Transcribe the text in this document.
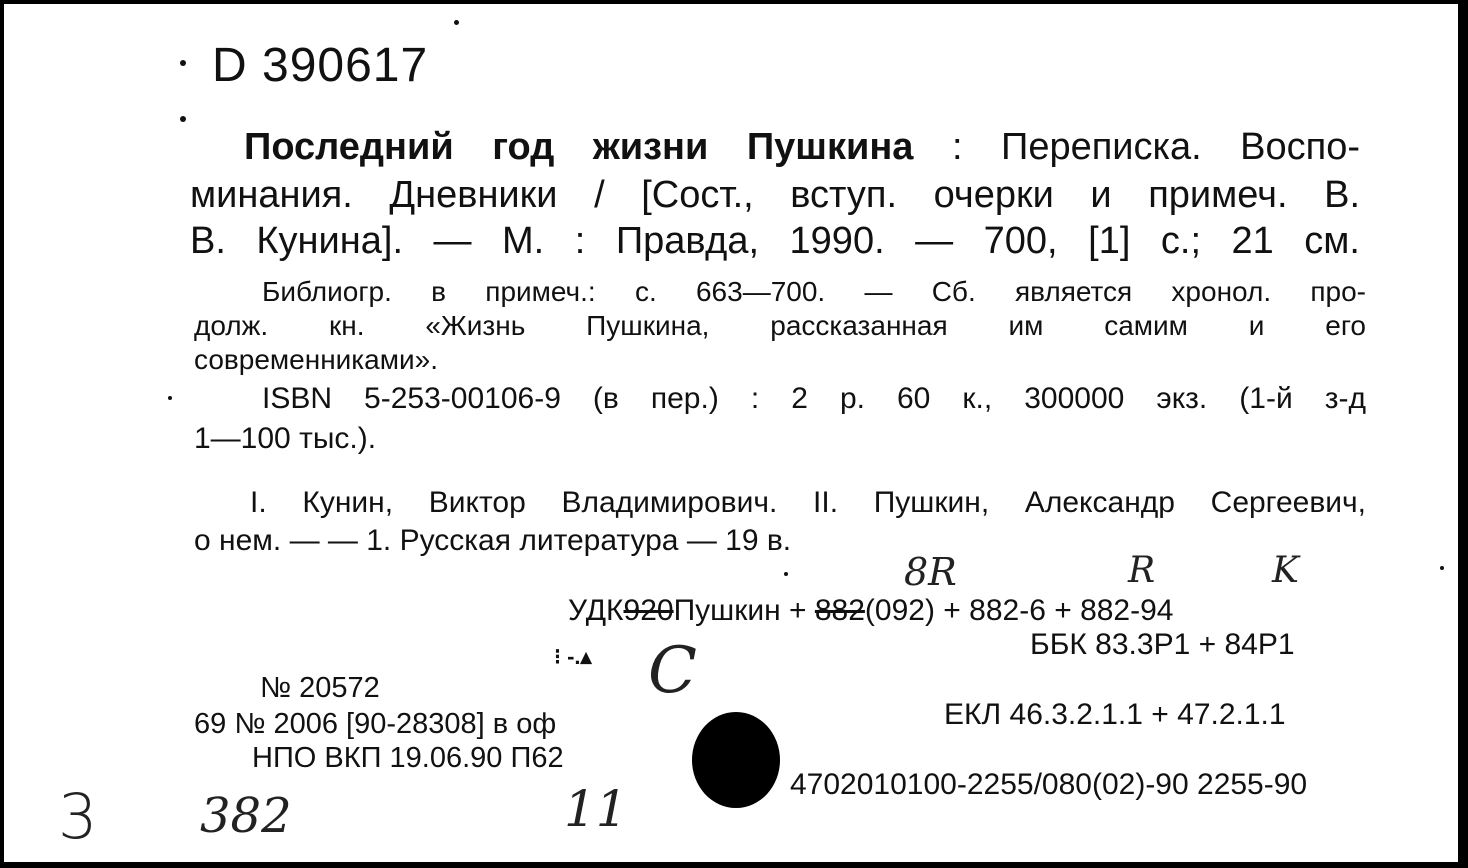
D 390617
Последний год жизни Пушкина : Переписка. Воспо-
минания. Дневники / [Сост., вступ. очерки и примеч. В.
В. Кунина]. — М. : Правда, 1990. — 700, [1] с.; 21 см.
Библиогр. в примеч.: с. 663—700. — Сб. является хронол. про-
долж. кн. «Жизнь Пушкина, рассказанная им самим и его
современниками».
ISBN 5-253-00106-9 (в пер.) : 2 р. 60 к., 300000 экз. (1-й з-д
1—100 тыс.).
I. Кунин, Виктор Владимирович. II. Пушкин, Александр Сергеевич,
о нем. — — 1. Русская литература — 19 в.
8R	R	K
УДК920Пушкин + 882(092) + 882-6 + 882-94
ББК 83.3Р1 + 84Р1
№ 20572
69 № 2006 [90-28308] в оф
НПО ВКП 19.06.90 П62
⁝ -.▴ C
ЕКЛ 46.3.2.1.1 + 47.2.1.1
4702010100-2255/080(02)-90 2255-90
3 382	11
